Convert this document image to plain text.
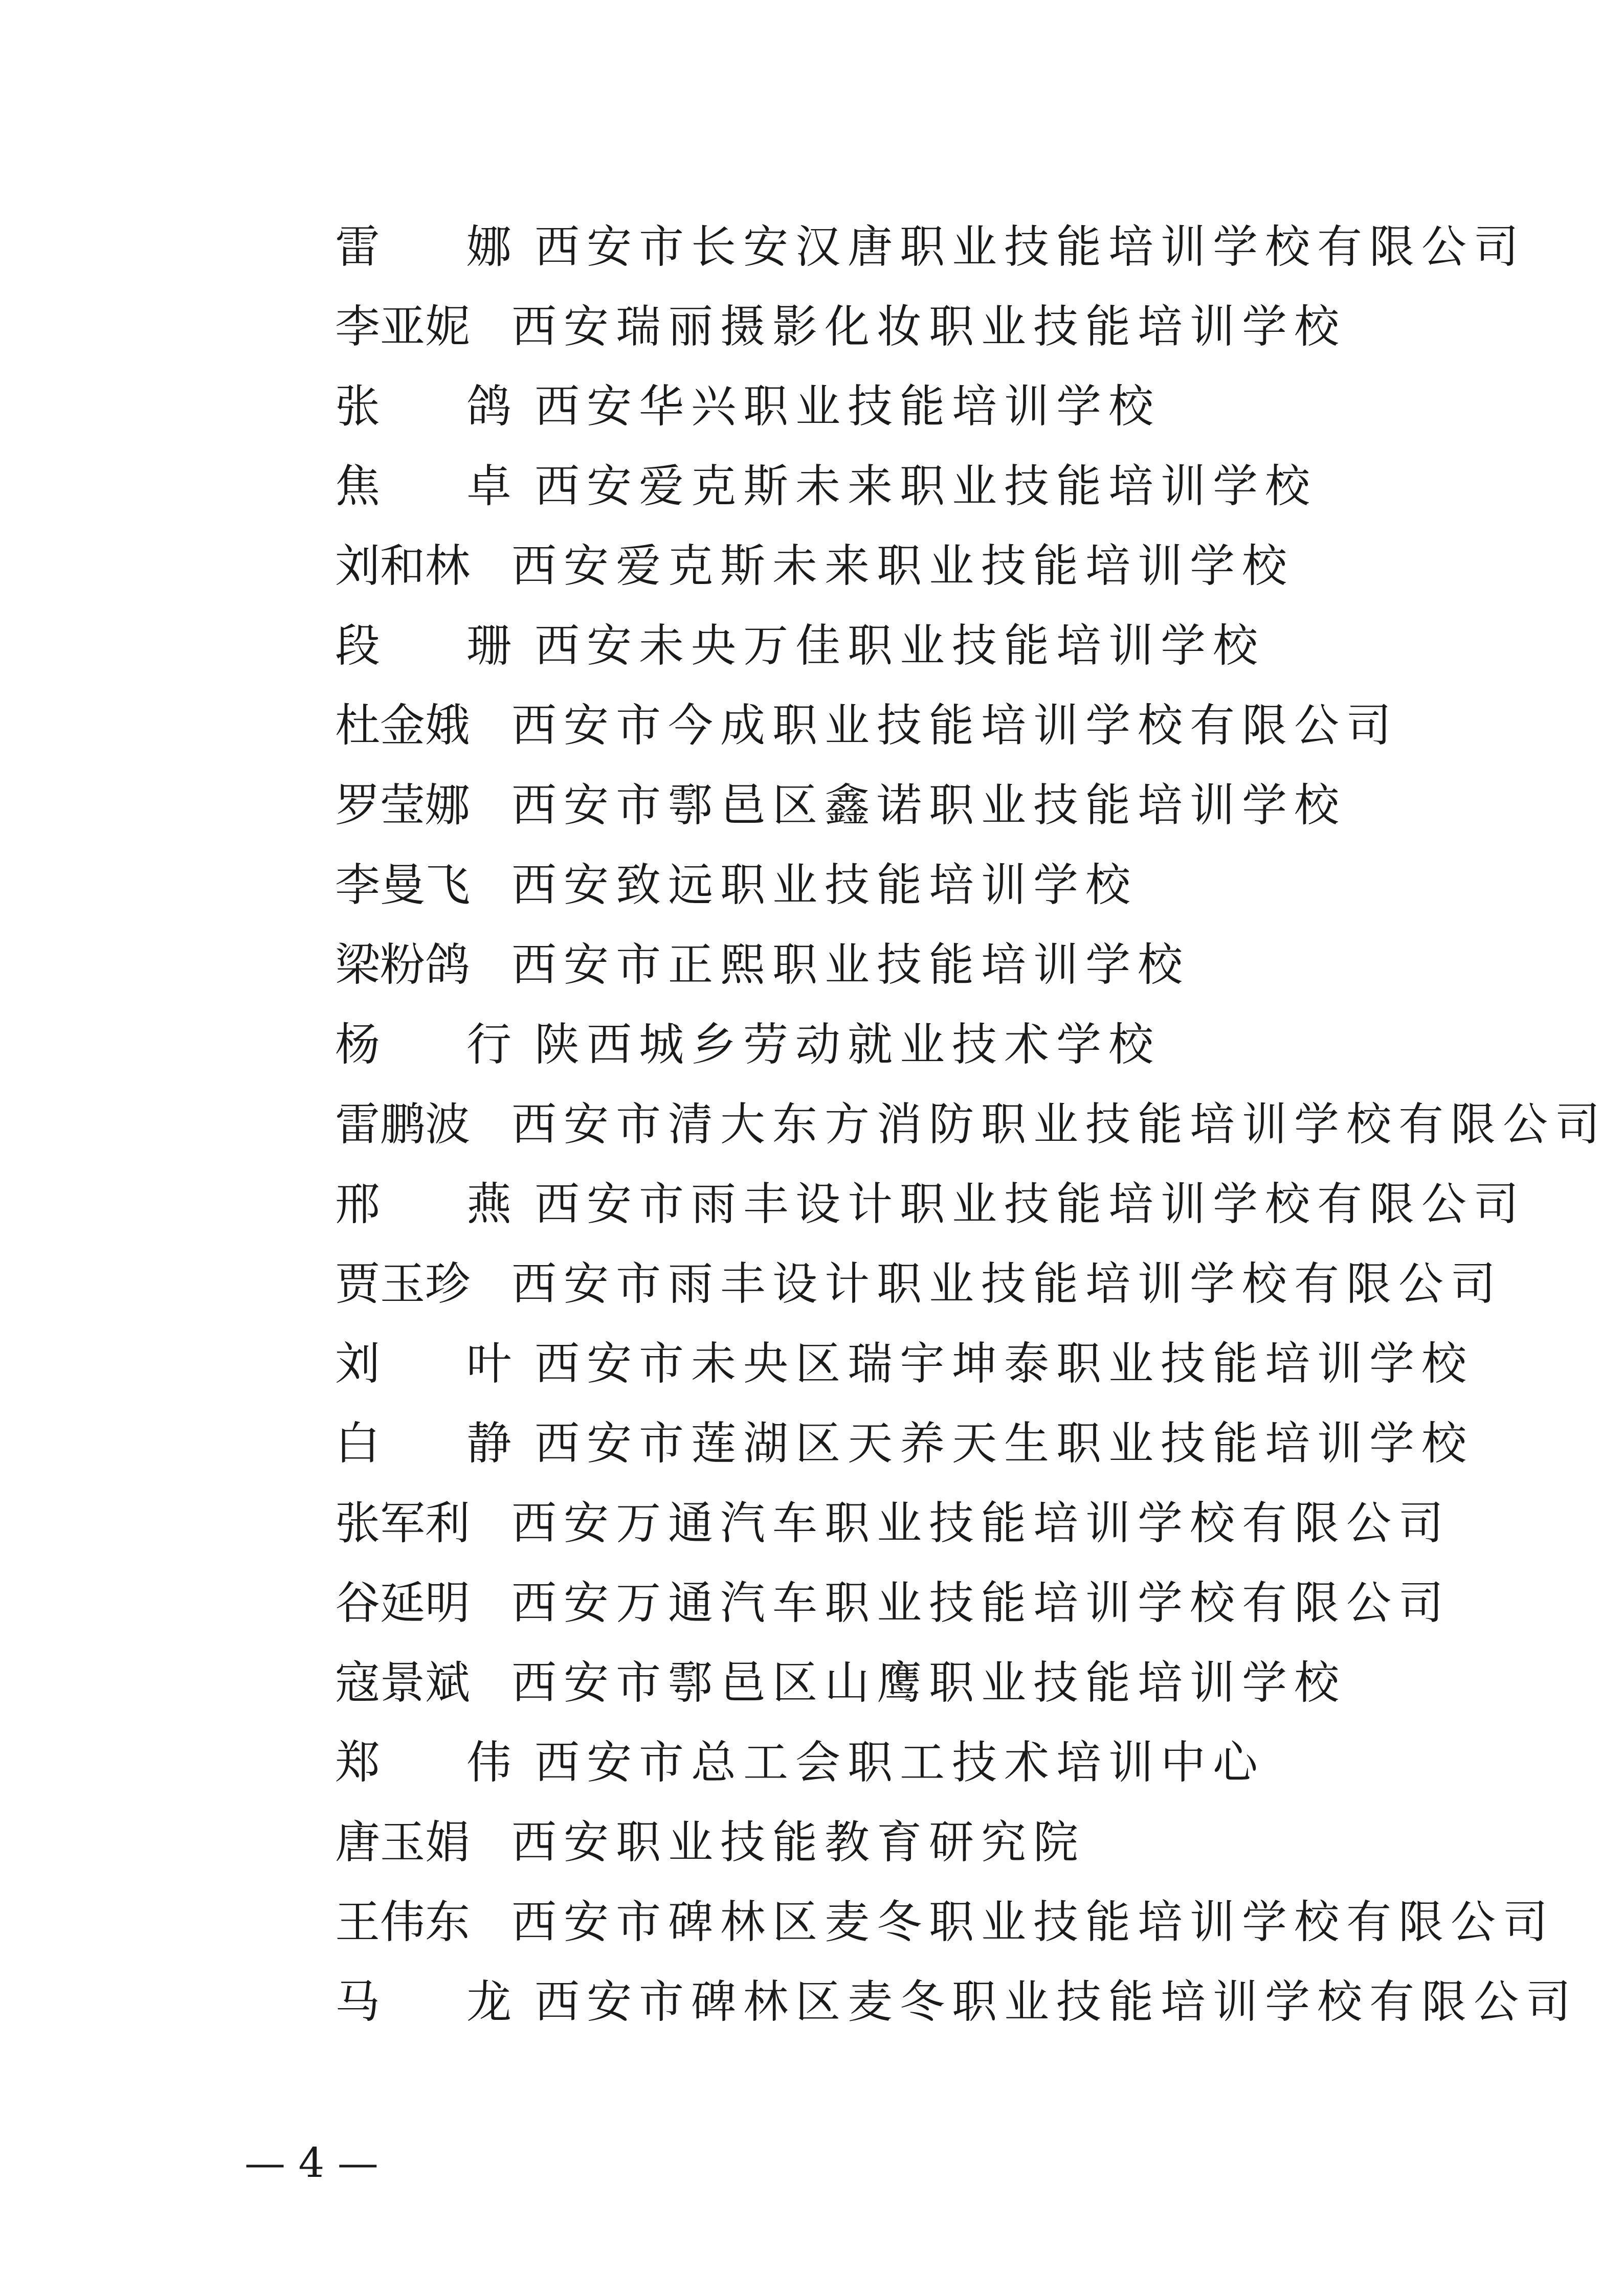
雷 娜 西安市长安汉唐职业技能培训学校有限公司
李 亚 妮 西安瑞丽摄影化妆职业技能培训学校
张 鸽 西安华兴职业技能培训学校
焦 卓 西安爱克斯未来职业技能培训学校
刘 和 林 西安爱克斯未来职业技能培训学校
段 珊 西安未央万佳职业技能培训学校
杜 金 娥 西安市今成职业技能培训学校有限公司
罗 莹 娜 西安市鄠邑区鑫诺职业技能培训学校
李 曼 飞 西安致远职业技能培训学校
梁 粉 鸽 西安市正熙职业技能培训学校
杨 行 陕西城乡劳动就业技术学校
雷 鹏 波 西安市清大东方消防职业技能培训学校有限公司
邢 燕 西安市雨丰设计职业技能培训学校有限公司
贾 玉 珍 西安市雨丰设计职业技能培训学校有限公司
刘 叶 西安市未央区瑞宇坤泰职业技能培训学校
白 静 西安市莲湖区天养天生职业技能培训学校
张 军 利 西安万通汽车职业技能培训学校有限公司
谷 延 明 西安万通汽车职业技能培训学校有限公司
寇 景 斌 西安市鄠邑区山鹰职业技能培训学校
郑 伟 西安市总工会职工技术培训中心
唐 玉 娟 西安职业技能教育研究院
王 伟 东 西安市碑林区麦冬职业技能培训学校有限公司
马 龙 西安市碑林区麦冬职业技能培训学校有限公司
— 4 —
